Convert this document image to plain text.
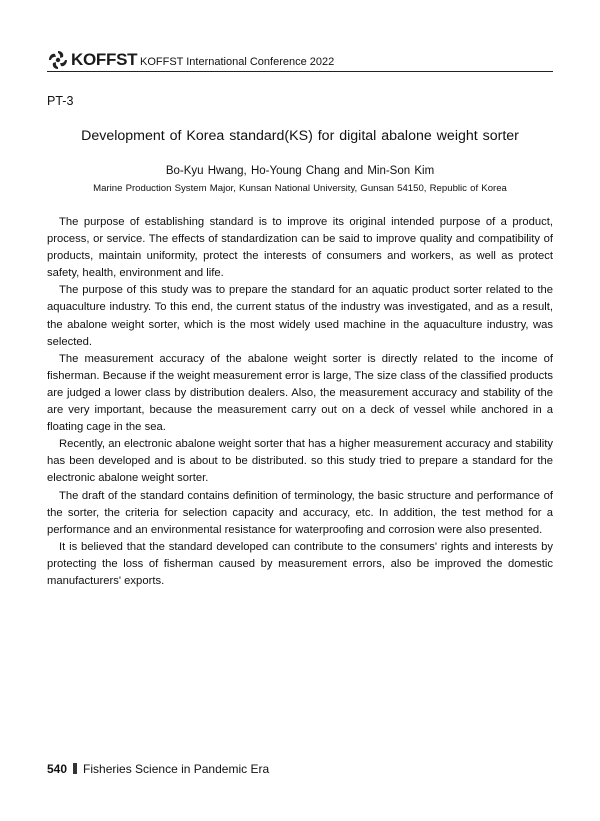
KOFFST KOFFST International Conference 2022
PT-3
Development of Korea standard(KS) for digital abalone weight sorter
Bo-Kyu Hwang, Ho-Young Chang and Min-Son Kim
Marine Production System Major, Kunsan National University, Gunsan 54150, Republic of Korea

The purpose of establishing standard is to improve its original intended purpose of a product, process, or service. The effects of standardization can be said to improve quality and compatibility of products, maintain uniformity, protect the interests of consumers and workers, as well as protect safety, health, environment and life.

The purpose of this study was to prepare the standard for an aquatic product sorter related to the aquaculture industry. To this end, the current status of the industry was investigated, and as a result, the abalone weight sorter, which is the most widely used machine in the aquaculture industry, was selected.

The measurement accuracy of the abalone weight sorter is directly related to the income of fisherman. Because if the weight measurement error is large, The size class of the classified products are judged a lower class by distribution dealers. Also, the measurement accuracy and stability of the are very important, because the measurement carry out on a deck of vessel while anchored in a floating cage in the sea.

Recently, an electronic abalone weight sorter that has a higher measurement accuracy and stability has been developed and is about to be distributed. so this study tried to prepare a standard for the electronic abalone weight sorter.

The draft of the standard contains definition of terminology, the basic structure and performance of the sorter, the criteria for selection capacity and accuracy, etc. In addition, the test method for a performance and an environmental resistance for waterproofing and corrosion were also presented.

It is believed that the standard developed can contribute to the consumers' rights and interests by protecting the loss of fisherman caused by measurement errors, also be improved the domestic manufacturers' exports.

540 Fisheries Science in Pandemic Era
